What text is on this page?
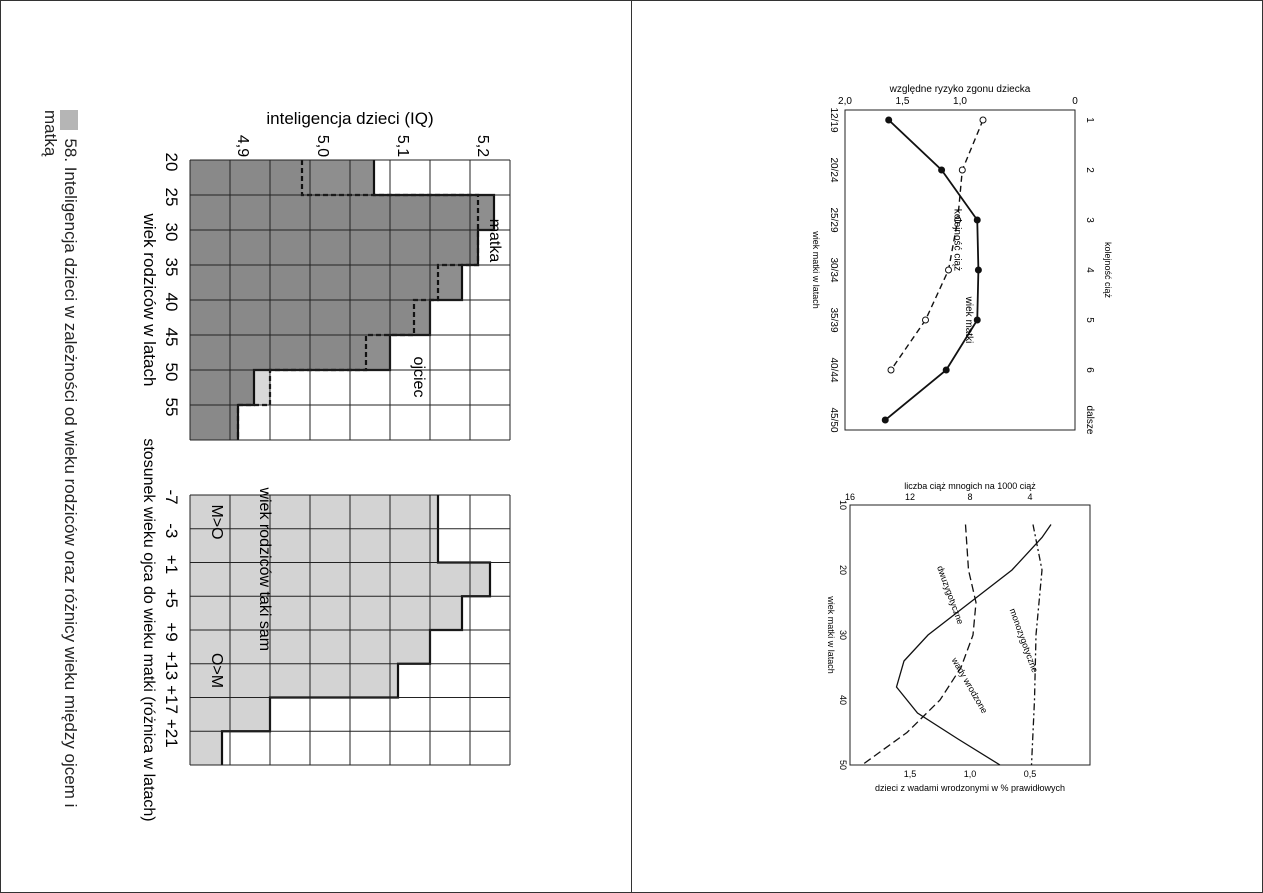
58. Inteligencja dzieci w zależności od wieku rodziców oraz różnicy wieku między ojcem i matką
20
25
30
35
40
45
50
55
4,9	5,0	5,1	5,2
inteligencja dzieci (IQ)
wiek rodziców w latach	matka
ojciec
-7
-3
+1
+5
+9
+13
+17
+21
stosunek wieku ojca do wieku matki (różnica w latach)	M>O wiek rodziców taki sam
O>M
12/19
20/24
25/29
30/34
35/39
40/44
45/50
1
2
3
4
5
6
dalsze
0
1,0
1,5
2,0
wiek matki w latach	kolejność ciąż
wiek matki
kolejność ciąż
względne ryzyko zgonu dziecka
10
20
30
40
50
4
8
12
16
0,5
1,0
1,5
liczba ciąż mnogich na 1000 ciąż
dzieci z wadami wrodzonymi w % prawidłowych
wiek matki w latach
dwuzygotyczne
monozygotyczne
wady wrodzone
